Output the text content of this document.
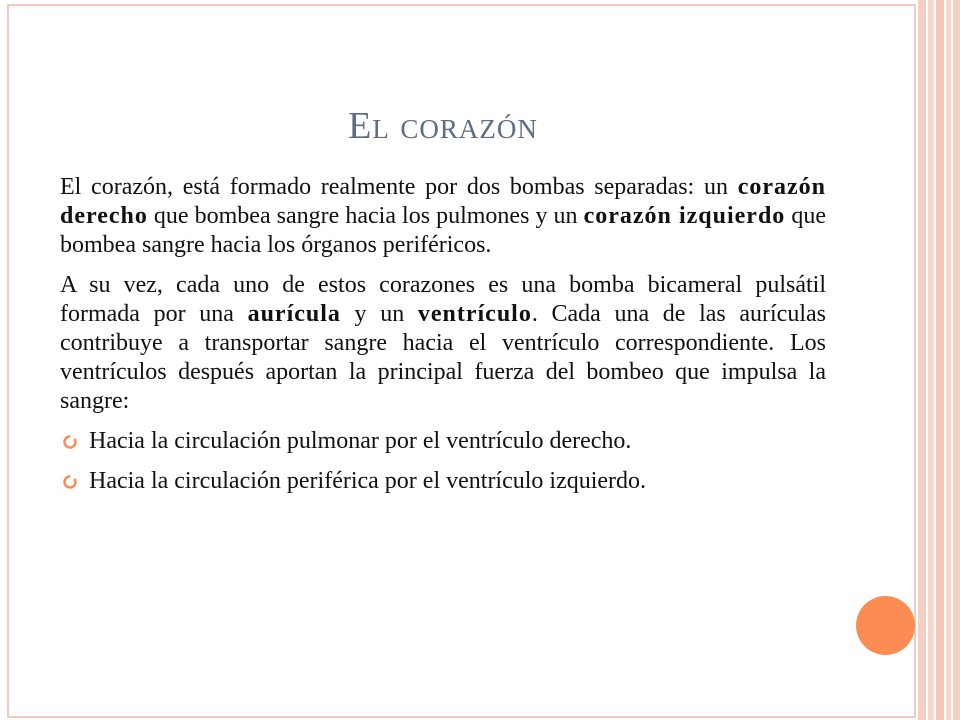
El corazón

El corazón, está formado realmente por dos bombas separadas: un corazón derecho que bombea sangre hacia los pulmones y un corazón izquierdo que bombea sangre hacia los órganos periféricos.

A su vez, cada uno de estos corazones es una bomba bicameral pulsátil formada por una aurícula y un ventrículo. Cada una de las aurículas contribuye a transportar sangre hacia el ventrículo correspondiente. Los ventrículos después aportan la principal fuerza del bombeo que impulsa la sangre:

Hacia la circulación pulmonar por el ventrículo derecho.
Hacia la circulación periférica por el ventrículo izquierdo.
